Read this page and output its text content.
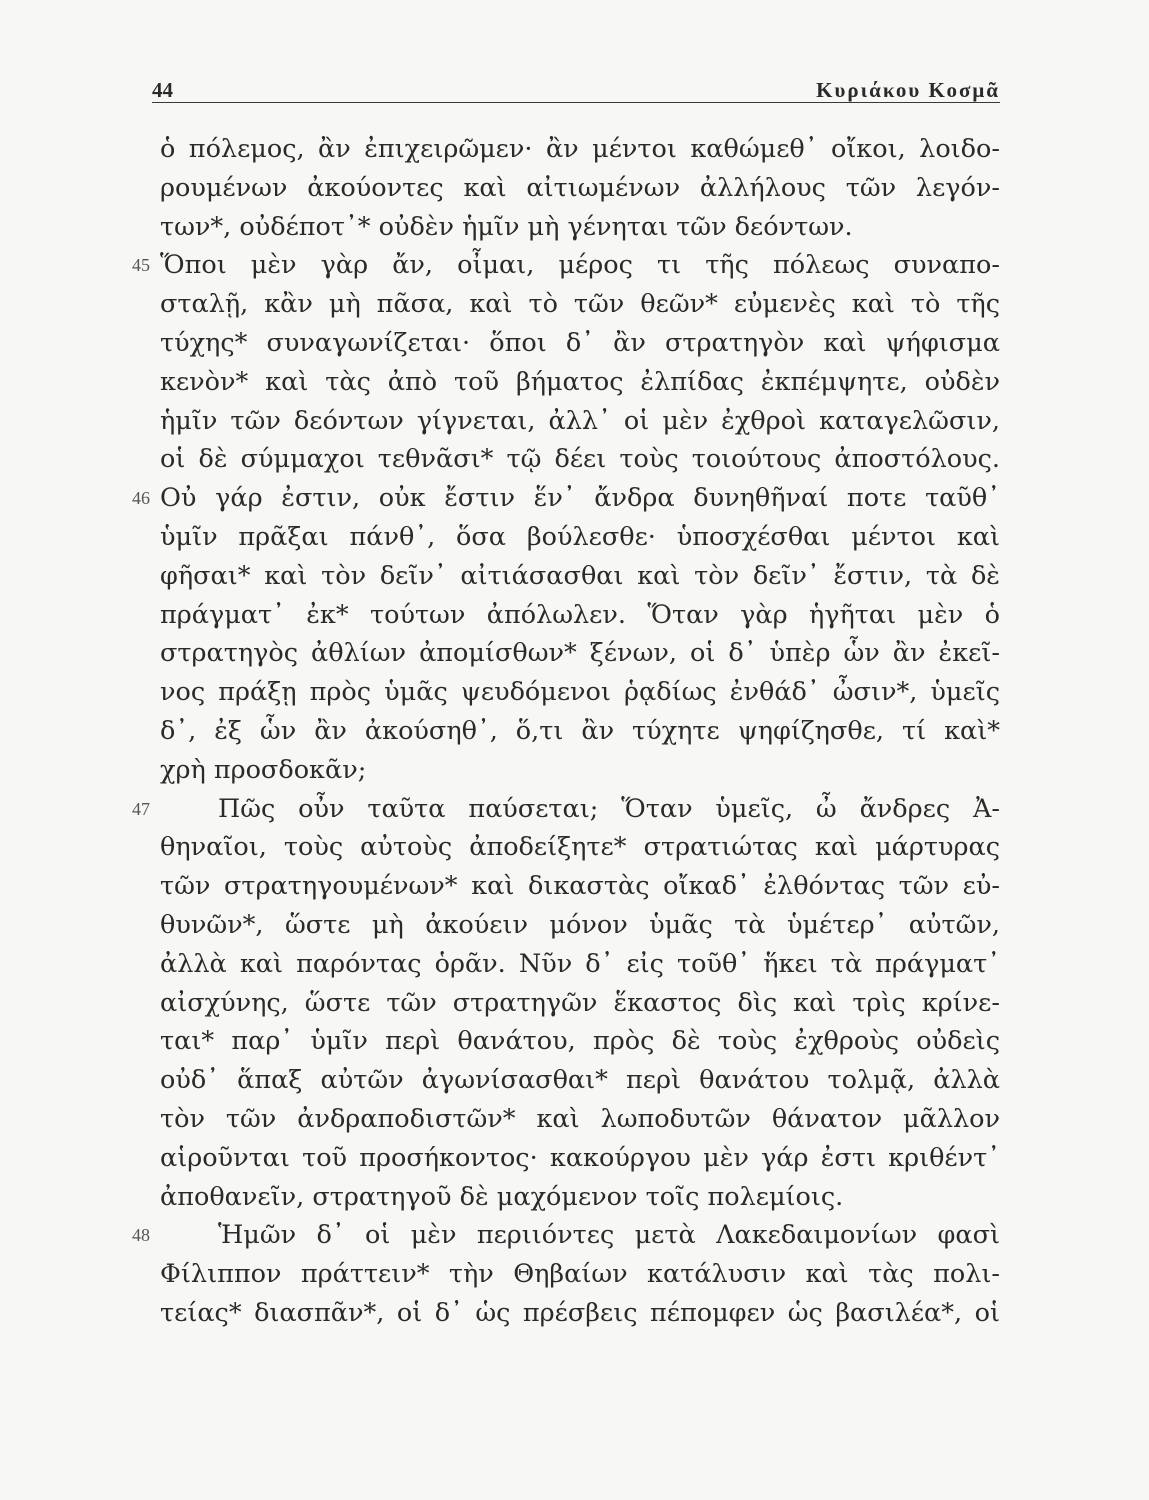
44	Κυριάκου Κοσμᾶ
ὁ πόλεμος, ἂν ἐπιχειρῶμεν· ἂν μέντοι καθώμεθ᾽ οἴκοι, λοιδο-
ρουμένων ἀκούοντες καὶ αἰτιωμένων ἀλλήλους τῶν λεγόν-
των*, οὐδέποτ᾽* οὐδὲν ἡμῖν μὴ γένηται τῶν δεόντων.
45 Ὅποι μὲν γὰρ ἄν, οἶμαι, μέρος τι τῆς πόλεως συναπο-
σταλῇ, κἂν μὴ πᾶσα, καὶ τὸ τῶν θεῶν* εὐμενὲς καὶ τὸ τῆς
τύχης* συναγωνίζεται· ὅποι δ᾽ ἂν στρατηγὸν καὶ ψήφισμα
κενὸν* καὶ τὰς ἀπὸ τοῦ βήματος ἐλπίδας ἐκπέμψητε, οὐδὲν
ἡμῖν τῶν δεόντων γίγνεται, ἀλλ᾽ οἱ μὲν ἐχθροὶ καταγελῶσιν,
οἱ δὲ σύμμαχοι τεθνᾶσι* τῷ δέει τοὺς τοιούτους ἀποστόλους.
46 Οὐ γάρ ἐστιν, οὐκ ἔστιν ἕν᾽ ἄνδρα δυνηθῆναί ποτε ταῦθ᾽
ὑμῖν πρᾶξαι πάνθ᾽, ὅσα βούλεσθε· ὑποσχέσθαι μέντοι καὶ
φῆσαι* καὶ τὸν δεῖν᾽ αἰτιάσασθαι καὶ τὸν δεῖν᾽ ἔστιν, τὰ δὲ
πράγματ᾽ ἐκ* τούτων ἀπόλωλεν. Ὅταν γὰρ ἡγῆται μὲν ὁ
στρατηγὸς ἀθλίων ἀπομίσθων* ξένων, οἱ δ᾽ ὑπὲρ ὧν ἂν ἐκεῖ-
νος πράξῃ πρὸς ὑμᾶς ψευδόμενοι ῥᾳδίως ἐνθάδ᾽ ὦσιν*, ὑμεῖς
δ᾽, ἐξ ὧν ἂν ἀκούσηθ᾽, ὅ,τι ἂν τύχητε ψηφίζησθε, τί καὶ*
χρὴ προσδοκᾶν;
47	Πῶς οὖν ταῦτα παύσεται; Ὅταν ὑμεῖς, ὦ ἄνδρες Ἀ-
θηναῖοι, τοὺς αὐτοὺς ἀποδείξητε* στρατιώτας καὶ μάρτυρας
τῶν στρατηγουμένων* καὶ δικαστὰς οἴκαδ᾽ ἐλθόντας τῶν εὐ-
θυνῶν*, ὥστε μὴ ἀκούειν μόνον ὑμᾶς τὰ ὑμέτερ᾽ αὐτῶν,
ἀλλὰ καὶ παρόντας ὁρᾶν. Νῦν δ᾽ εἰς τοῦθ᾽ ἥκει τὰ πράγματ᾽
αἰσχύνης, ὥστε τῶν στρατηγῶν ἕκαστος δὶς καὶ τρὶς κρίνε-
ται* παρ᾽ ὑμῖν περὶ θανάτου, πρὸς δὲ τοὺς ἐχθροὺς οὐδεὶς
οὐδ᾽ ἅπαξ αὐτῶν ἀγωνίσασθαι* περὶ θανάτου τολμᾷ, ἀλλὰ
τὸν τῶν ἀνδραποδιστῶν* καὶ λωποδυτῶν θάνατον μᾶλλον
αἱροῦνται τοῦ προσήκοντος· κακούργου μὲν γάρ ἐστι κριθέντ᾽
ἀποθανεῖν, στρατηγοῦ δὲ μαχόμενον τοῖς πολεμίοις.
48	Ἡμῶν δ᾽ οἱ μὲν περιιόντες μετὰ Λακεδαιμονίων φασὶ
Φίλιππον πράττειν* τὴν Θηβαίων κατάλυσιν καὶ τὰς πολι-
τείας* διασπᾶν*, οἱ δ᾽ ὡς πρέσβεις πέπομφεν ὡς βασιλέα*, οἱ
